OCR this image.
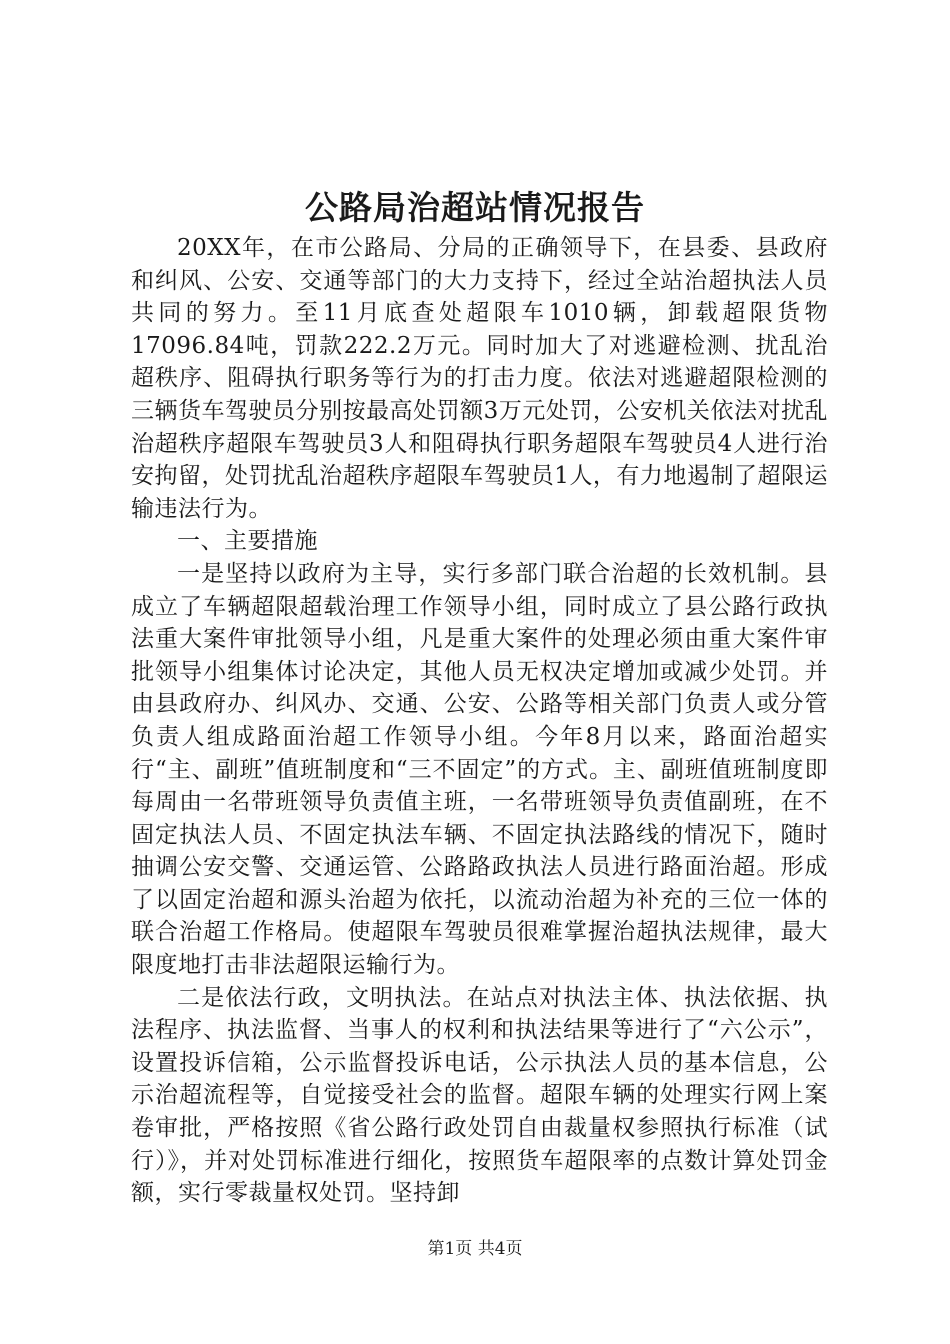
公路局治超站情况报告

20XX年，在市公路局、分局的正确领导下，在县委、县政府和纠风、公安、交通等部门的大力支持下，经过全站治超执法人员共同的努力。至11月底查处超限车1010辆，卸载超限货物17096.84吨，罚款222.2万元。同时加大了对逃避检测、扰乱治超秩序、阻碍执行职务等行为的打击力度。依法对逃避超限检测的三辆货车驾驶员分别按最高处罚额3万元处罚，公安机关依法对扰乱治超秩序超限车驾驶员3人和阻碍执行职务超限车驾驶员4人进行治安拘留，处罚扰乱治超秩序超限车驾驶员1人，有力地遏制了超限运输违法行为。

一、主要措施

一是坚持以政府为主导，实行多部门联合治超的长效机制。县成立了车辆超限超载治理工作领导小组，同时成立了县公路行政执法重大案件审批领导小组，凡是重大案件的处理必须由重大案件审批领导小组集体讨论决定，其他人员无权决定增加或减少处罚。并由县政府办、纠风办、交通、公安、公路等相关部门负责人或分管负责人组成路面治超工作领导小组。今年8月以来，路面治超实行“主、副班”值班制度和“三不固定”的方式。主、副班值班制度即每周由一名带班领导负责值主班，一名带班领导负责值副班，在不固定执法人员、不固定执法车辆、不固定执法路线的情况下，随时抽调公安交警、交通运管、公路路政执法人员进行路面治超。形成了以固定治超和源头治超为依托，以流动治超为补充的三位一体的联合治超工作格局。使超限车驾驶员很难掌握治超执法规律，最大限度地打击非法超限运输行为。

二是依法行政，文明执法。在站点对执法主体、执法依据、执法程序、执法监督、当事人的权利和执法结果等进行了“六公示”，设置投诉信箱，公示监督投诉电话，公示执法人员的基本信息，公示治超流程等，自觉接受社会的监督。超限车辆的处理实行网上案卷审批，严格按照《省公路行政处罚自由裁量权参照执行标准（试行）》，并对处罚标准进行细化，按照货车超限率的点数计算处罚金额，实行零裁量权处罚。坚持卸

第1页 共4页
